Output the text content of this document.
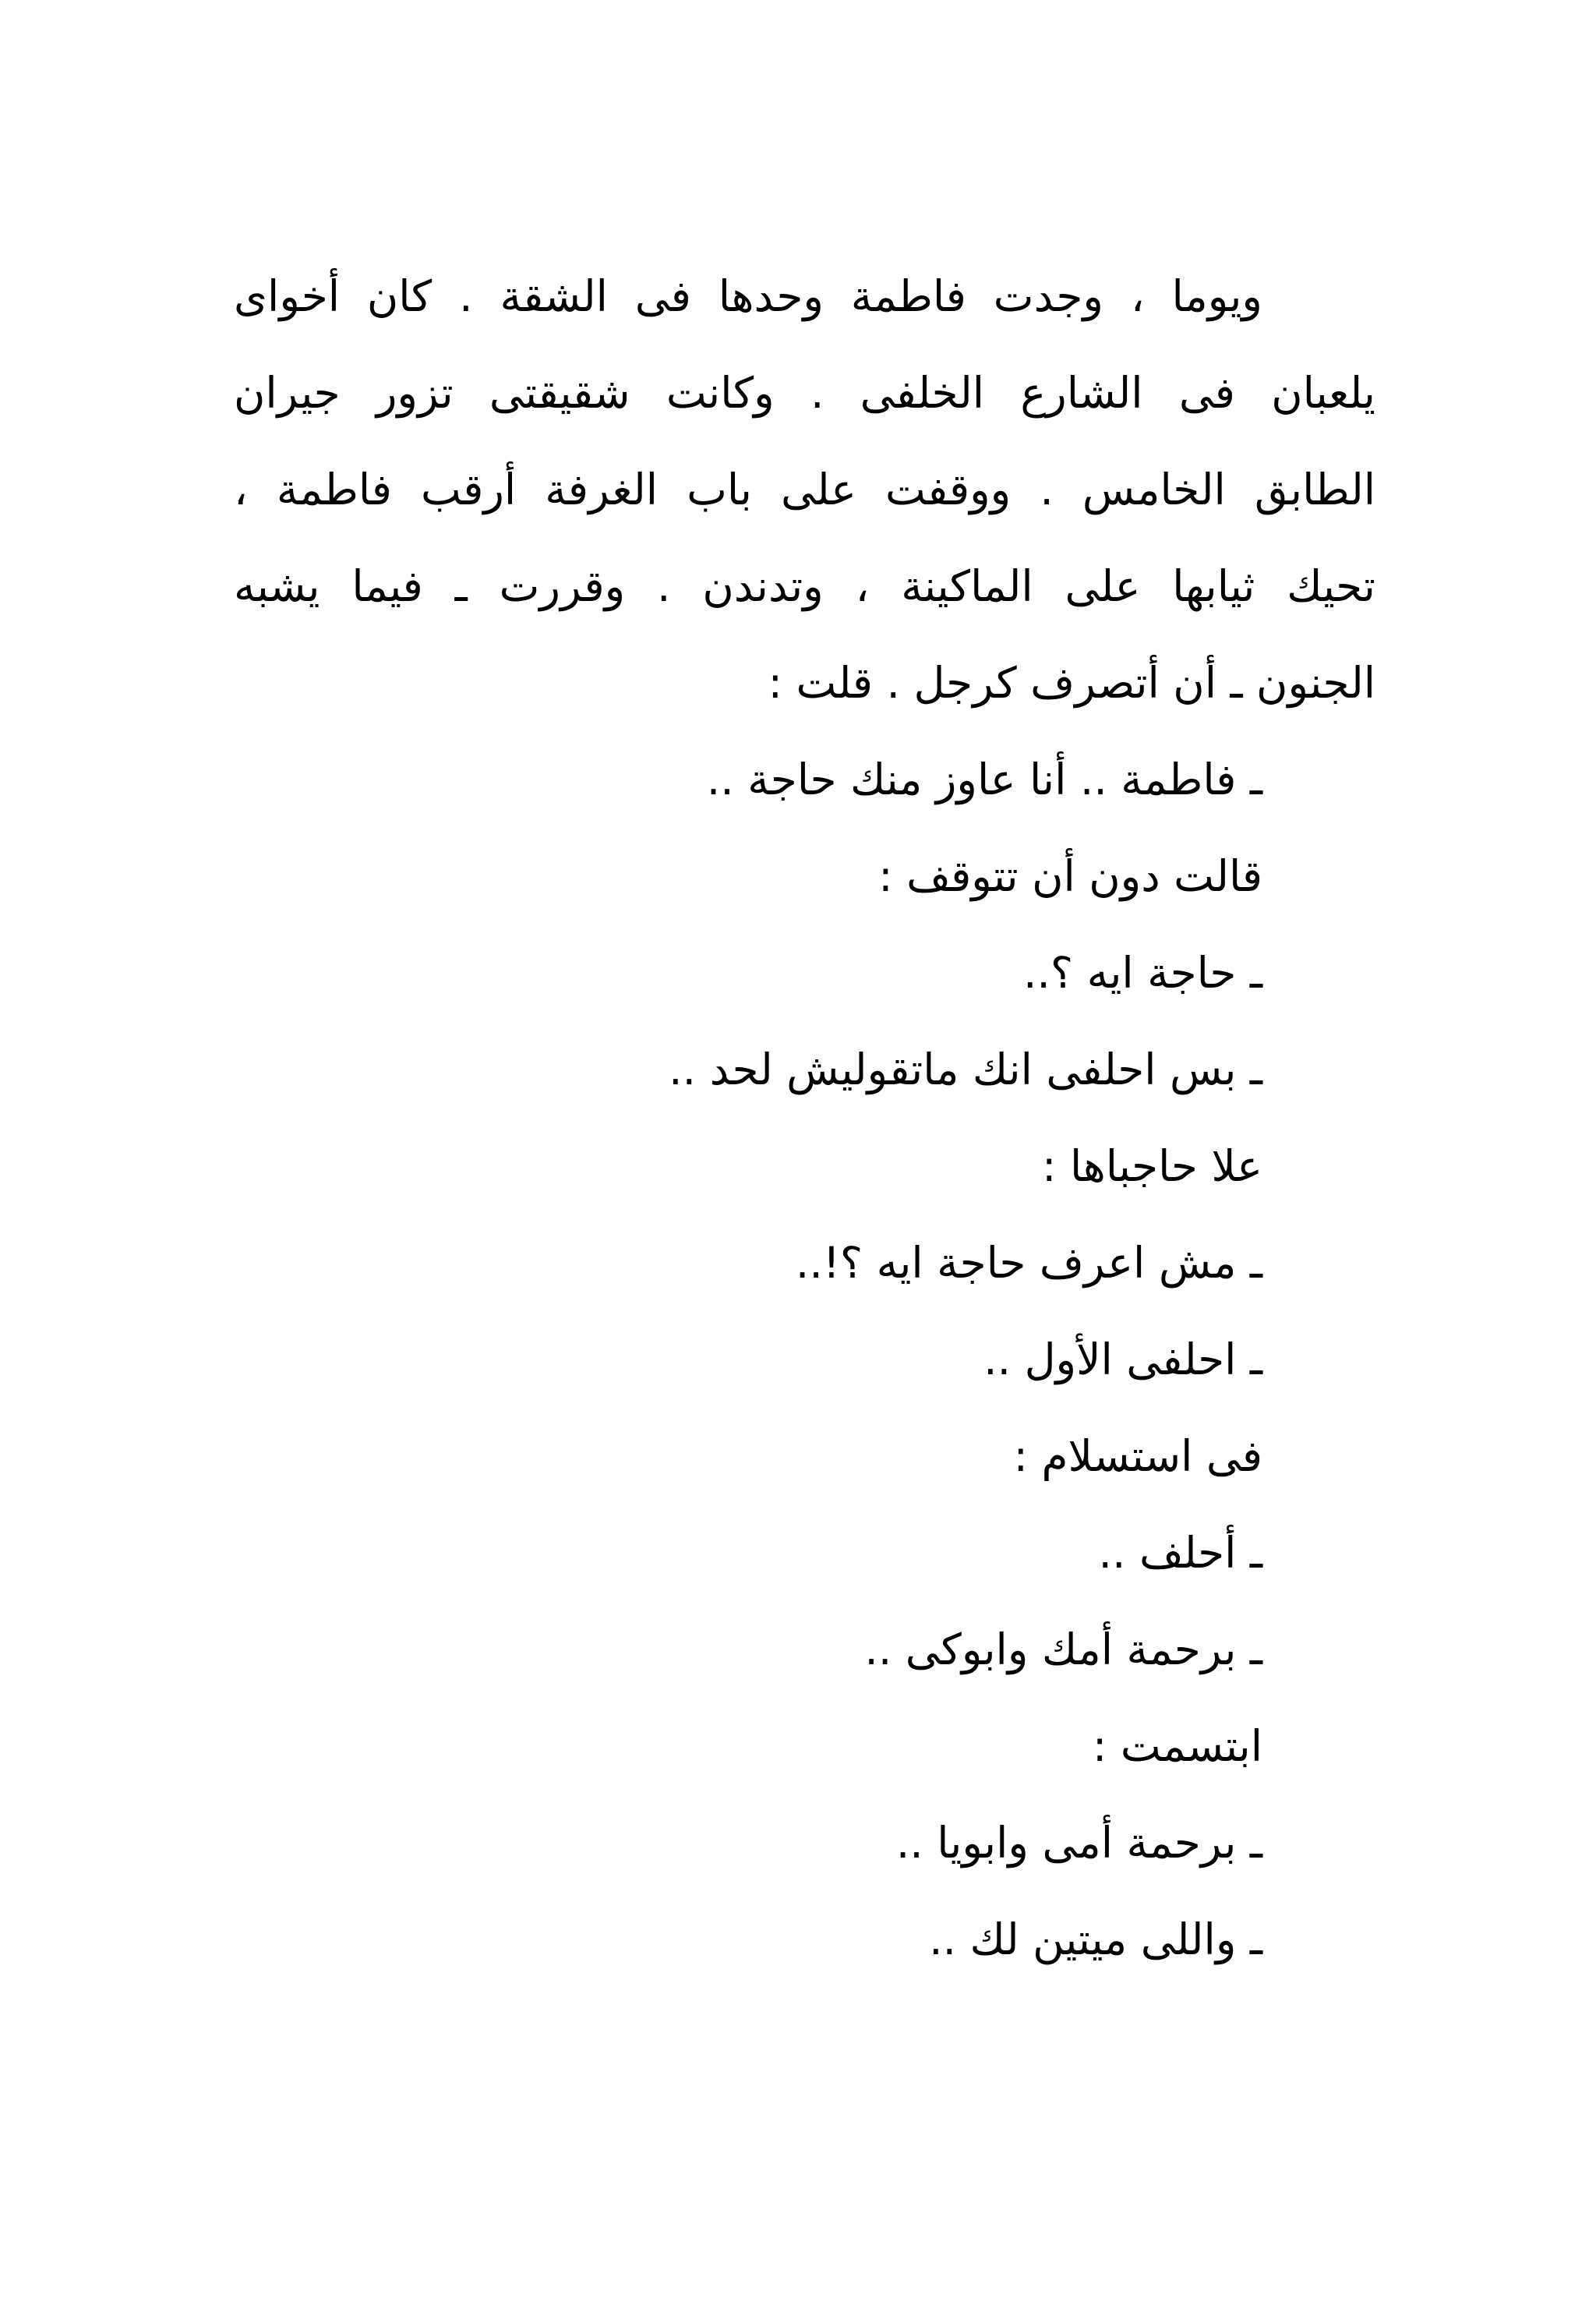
ويوما ، وجدت فاطمة وحدها فى الشقة . كان أخواى
يلعبان فى الشارع الخلفى . وكانت شقيقتى تزور جيران
الطابق الخامس . ووقفت على باب الغرفة أرقب فاطمة ،
تحيك ثيابها على الماكينة ، وتدندن . وقررت ـ فيما يشبه
الجنون ـ أن أتصرف كرجل . قلت :
ـ فاطمة .. أنا عاوز منك حاجة ..
قالت دون أن تتوقف :
ـ حاجة ايه ؟..
ـ بس احلفى انك ماتقوليش لحد ..
علا حاجباها :
ـ مش اعرف حاجة ايه ؟!..
ـ احلفى الأول ..
فى استسلام :
ـ أحلف ..
ـ برحمة أمك وابوكى ..
ابتسمت :
ـ برحمة أمى وابويا ..
ـ واللى ميتين لك ..
